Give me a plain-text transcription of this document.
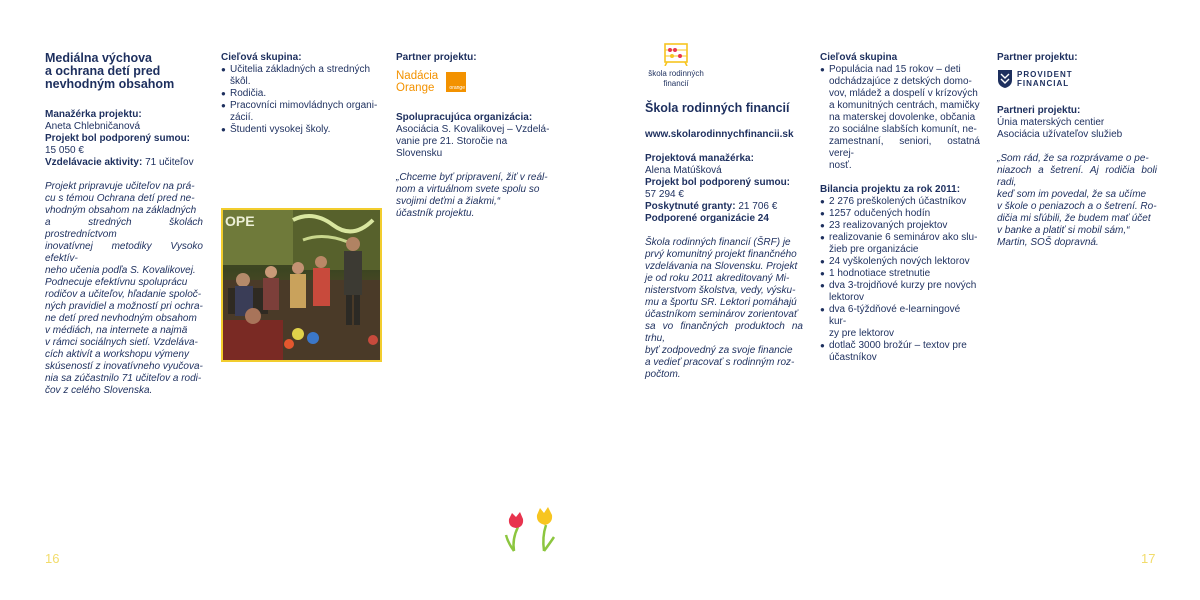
Mediálna výchova
a ochrana detí pred
nevhodným obsahom
Manažérka projektu:
Aneta Chlebničanová
Projekt bol podporený sumou:
15 050 €
Vzdelávacie aktivity: 71 učiteľov
Projekt pripravuje učiteľov na prá-
cu s témou Ochrana detí pred ne-
vhodným obsahom na základných
a stredných školách prostredníctvom
inovatívnej metodiky Vysoko efektív-
neho učenia podľa S. Kovalikovej.
Podnecuje efektívnu spoluprácu
rodičov a učiteľov, hľadanie spoloč-
ných pravidiel a možností pri ochra-
ne detí pred nevhodným obsahom
v médiách, na internete a najmä
v rámci sociálnych sietí. Vzdeláva-
cích aktivít a workshopu výmeny
skúseností z inovatívneho vyučova-
nia sa zúčastnilo 71 učiteľov a rodi-
čov z celého Slovenska.
Cieľová skupina:
● Učitelia základných a stredných
škôl.
● Rodičia.
● Pracovníci mimovládnych organi-
zácií.
● Študenti vysokej školy.
OPE
Partner projektu:
Nadácia
Orange	orange
Spolupracujúca organizácia:
Asociácia S. Kovalikovej – Vzdelá-
vanie pre 21. Storočie na Slovensku
„Chceme byť pripravení, žiť v reál-
nom a virtuálnom svete spolu so
svojimi deťmi a žiakmi,“
účastník projektu.
16
škola rodinných
financií
Škola rodinných financií
www.skolarodinnychfinancii.sk
Projektová manažérka:
Alena Matúšková
Projekt bol podporený sumou:
57 294 €
Poskytnuté granty: 21 706 €
Podporené organizácie 24
Škola rodinných financií (ŠRF) je
prvý komunitný projekt finančného
vzdelávania na Slovensku. Projekt
je od roku 2011 akreditovaný Mi-
nisterstvom školstva, vedy, výsku-
mu a športu SR. Lektori pomáhajú
účastníkom seminárov zorientovať
sa vo finančných produktoch na trhu,
byť zodpovedný za svoje financie
a vedieť pracovať s rodinným roz-
počtom.
Cieľová skupina
● Populácia nad 15 rokov – deti
odchádzajúce z detských domo-
vov, mládež a dospelí v krízových
a komunitných centrách, mamičky
na materskej dovolenke, občania
zo sociálne slabších komunít, ne-
zamestnaní, seniori, ostatná verej-
nosť.
Bilancia projektu za rok 2011:
● 2 276 preškolených účastníkov
● 1257 odučených hodín
● 23 realizovaných projektov
● realizovanie 6 seminárov ako slu-
žieb pre organizácie
● 24 vyškolených nových lektorov
● 1 hodnotiace stretnutie
● dva 3-trojdňové kurzy pre nových
lektorov
● dva 6-týždňové e-learningové kur-
zy pre lektorov
● dotlač 3000 brožúr – textov pre
účastníkov
Partner projektu:
PROVIDENT
FINANCIAL
Partneri projektu:
Únia materských centier
Asociácia užívateľov služieb
„Som rád, že sa rozprávame o pe-
niazoch a šetrení. Aj rodičia boli radi,
keď som im povedal, že sa učíme
v škole o peniazoch a o šetrení. Ro-
dičia mi sľúbili, že budem mať účet
v banke a platiť si mobil sám,“
Martin, SOŠ dopravná.
17
